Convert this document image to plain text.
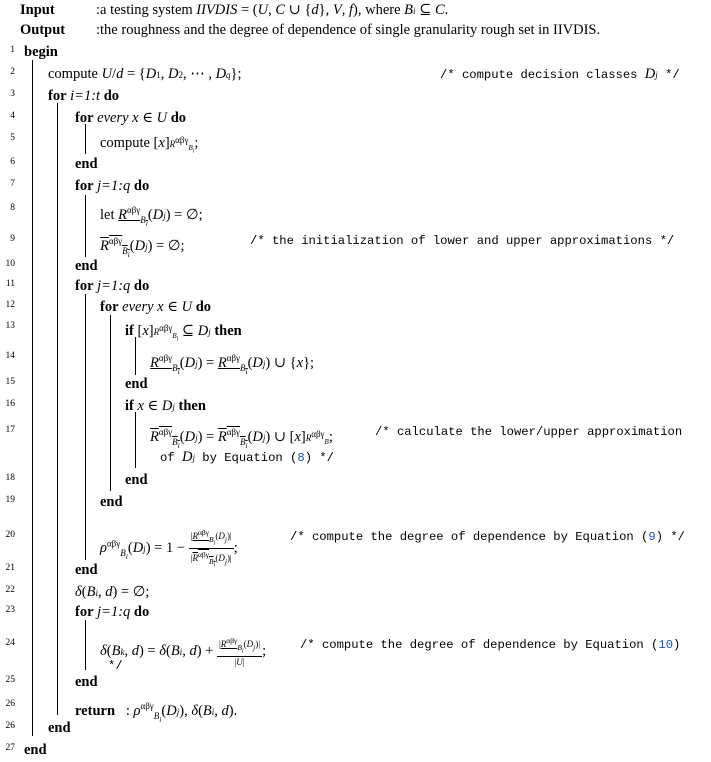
Input	:a testing system IIVDIS = (U, C ∪ {d}, V, f), where Bi ⊆ C.
Output :the roughness and the degree of dependence of single granularity rough set in IIVDIS.
1 begin
2 compute U/d = {D1, D2, ⋯ , Dq};	/* compute decision classes Dj */
3 for i=1:t do
4	for every x ∈ U do
5	compute $[x]R^{\alpha\beta\gamma}_{B_i}$;
6	end
7	for j=1:q do
8	let $R^{\alpha\beta\gamma}_{B_i}(Dj)$ = ∅;
9	$R^{\alpha\beta\gamma}_{B_i}(Dj)$ = ∅;	/* the initialization of lower and upper approximations */
10	end
11	for j=1:q do
12	for every x ∈ U do
13	if $[x]R^{\alpha\beta\gamma}_{B_i}$ ⊆ Dj then
14	$R^{\alpha\beta\gamma}_{B_i}(Dj) = R^{\alpha\beta\gamma}_{B_i}(Dj)$ ∪ {x};
15	end
16	if x ∈ Dj then
17	$R^{\alpha\beta\gamma}_{B_i}(Dj) = R^{\alpha\beta\gamma}_{B_i}(Dj)$ ∪ $[x]R^{\alpha\beta\gamma}_B$;	/* calculate the lower/upper approximation
of Dj by Equation (8) */
18	end
19	end
20
$\rho^{\alpha\beta\gamma}_{B_i}(Dj) = 1$ −
$|R^{\alpha\beta\gamma}_{B_i}(D_j)|$
$|R^{\alpha\beta\gamma}_{B_i}(D_j)|$
;
/* compute the degree of dependence by Equation (9) */
21	end
22	δ(Bi, d) = ∅;
23	for j=1:q do
24	δ(Bk, d) = δ(Bi, $d) + |R^{\alpha\beta\gamma}_{B_i}(D_j)|$
|U|
;	/* compute the degree of dependence by Equation (10)
*/
25	end
26	return   : $\rho^{\alpha\beta\gamma}_{B_i}(Dj)$, δ(Bi, d).
26 end
27 end
